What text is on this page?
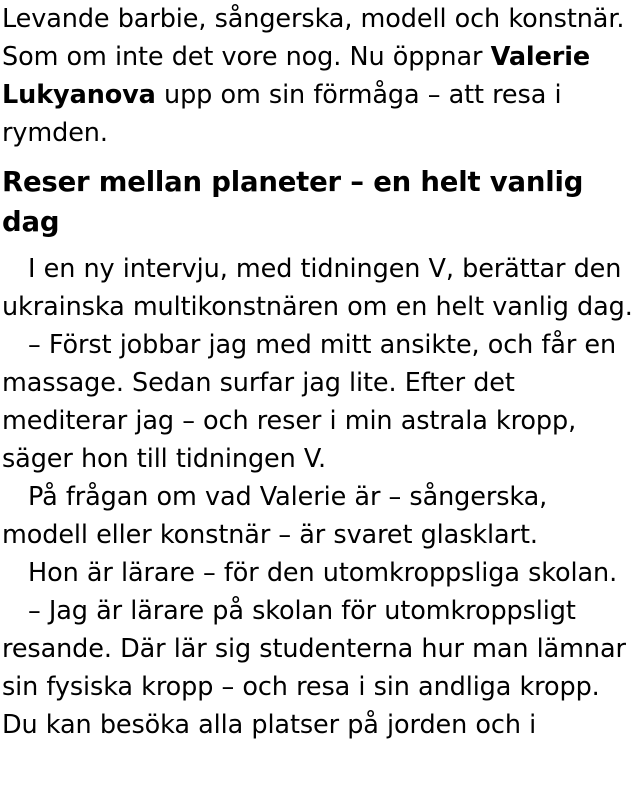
Levande barbie, sångerska, modell och konstnär. Som om inte det vore nog. Nu öppnar Valerie Lukyanova upp om sin förmåga – att resa i rymden.

Reser mellan planeter – en helt vanlig dag

I en ny intervju, med tidningen V, berättar den ukrainska multikonstnären om en helt vanlig dag.

– Först jobbar jag med mitt ansikte, och får en massage. Sedan surfar jag lite. Efter det mediterar jag – och reser i min astrala kropp, säger hon till tidningen V.

På frågan om vad Valerie är – sångerska, modell eller konstnär – är svaret glasklart.

Hon är lärare – för den utomkroppsliga skolan.

– Jag är lärare på skolan för utomkroppsligt resande. Där lär sig studenterna hur man lämnar sin fysiska kropp – och resa i sin andliga kropp. Du kan besöka alla platser på jorden och i
